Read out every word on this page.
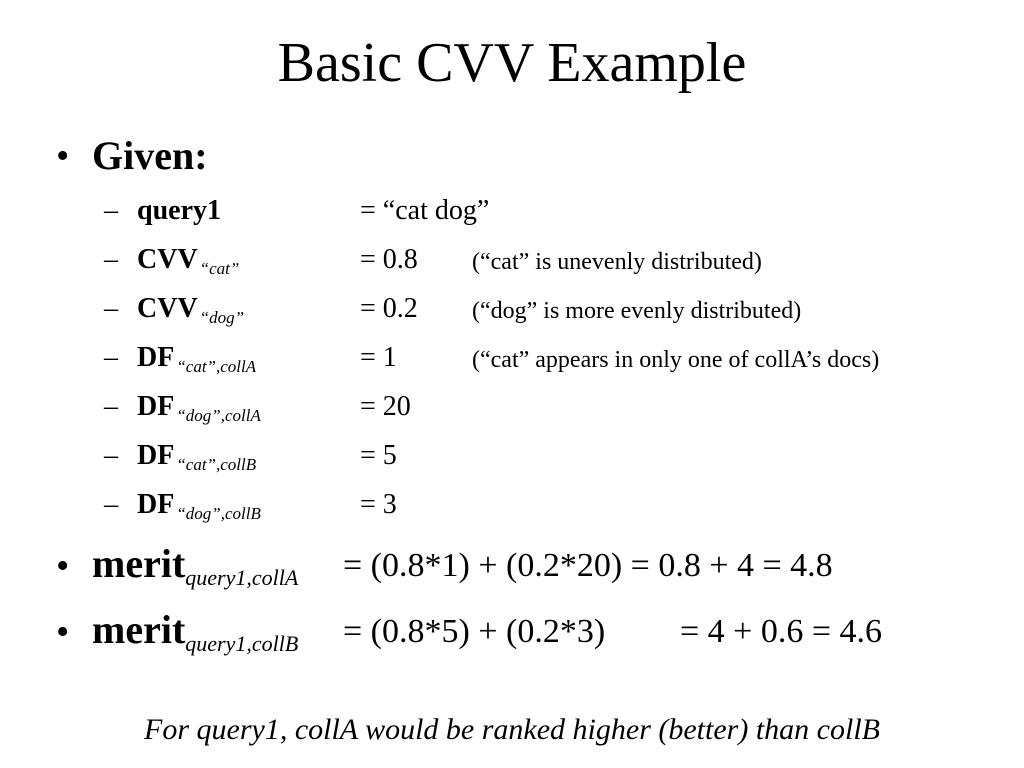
Basic CVV Example
• Given:
– query1	= “cat dog”
– CVV $_{“cat”}$	= 0.8 (“cat” is unevenly distributed)
– CVV $_{“dog”}$	= 0.2 (“dog” is more evenly distributed)
– DF $_{“cat”,collA}$	= 1	(“cat” appears in only one of collA’s docs)
– DF $_{“dog”,collA}$	= 20
– DF $_{“cat”,collB}$	= 5
– DF $_{“dog”,collB}$	= 3
• merit$_{query1,collA}$ = (0.8*1) + (0.2*20) = 0.8 + 4 = 4.8
• merit$_{query1,collB}$ = (0.8*5) + (0.2*3) = 4 + 0.6 = 4.6
For query1, collA would be ranked higher (better) than collB
